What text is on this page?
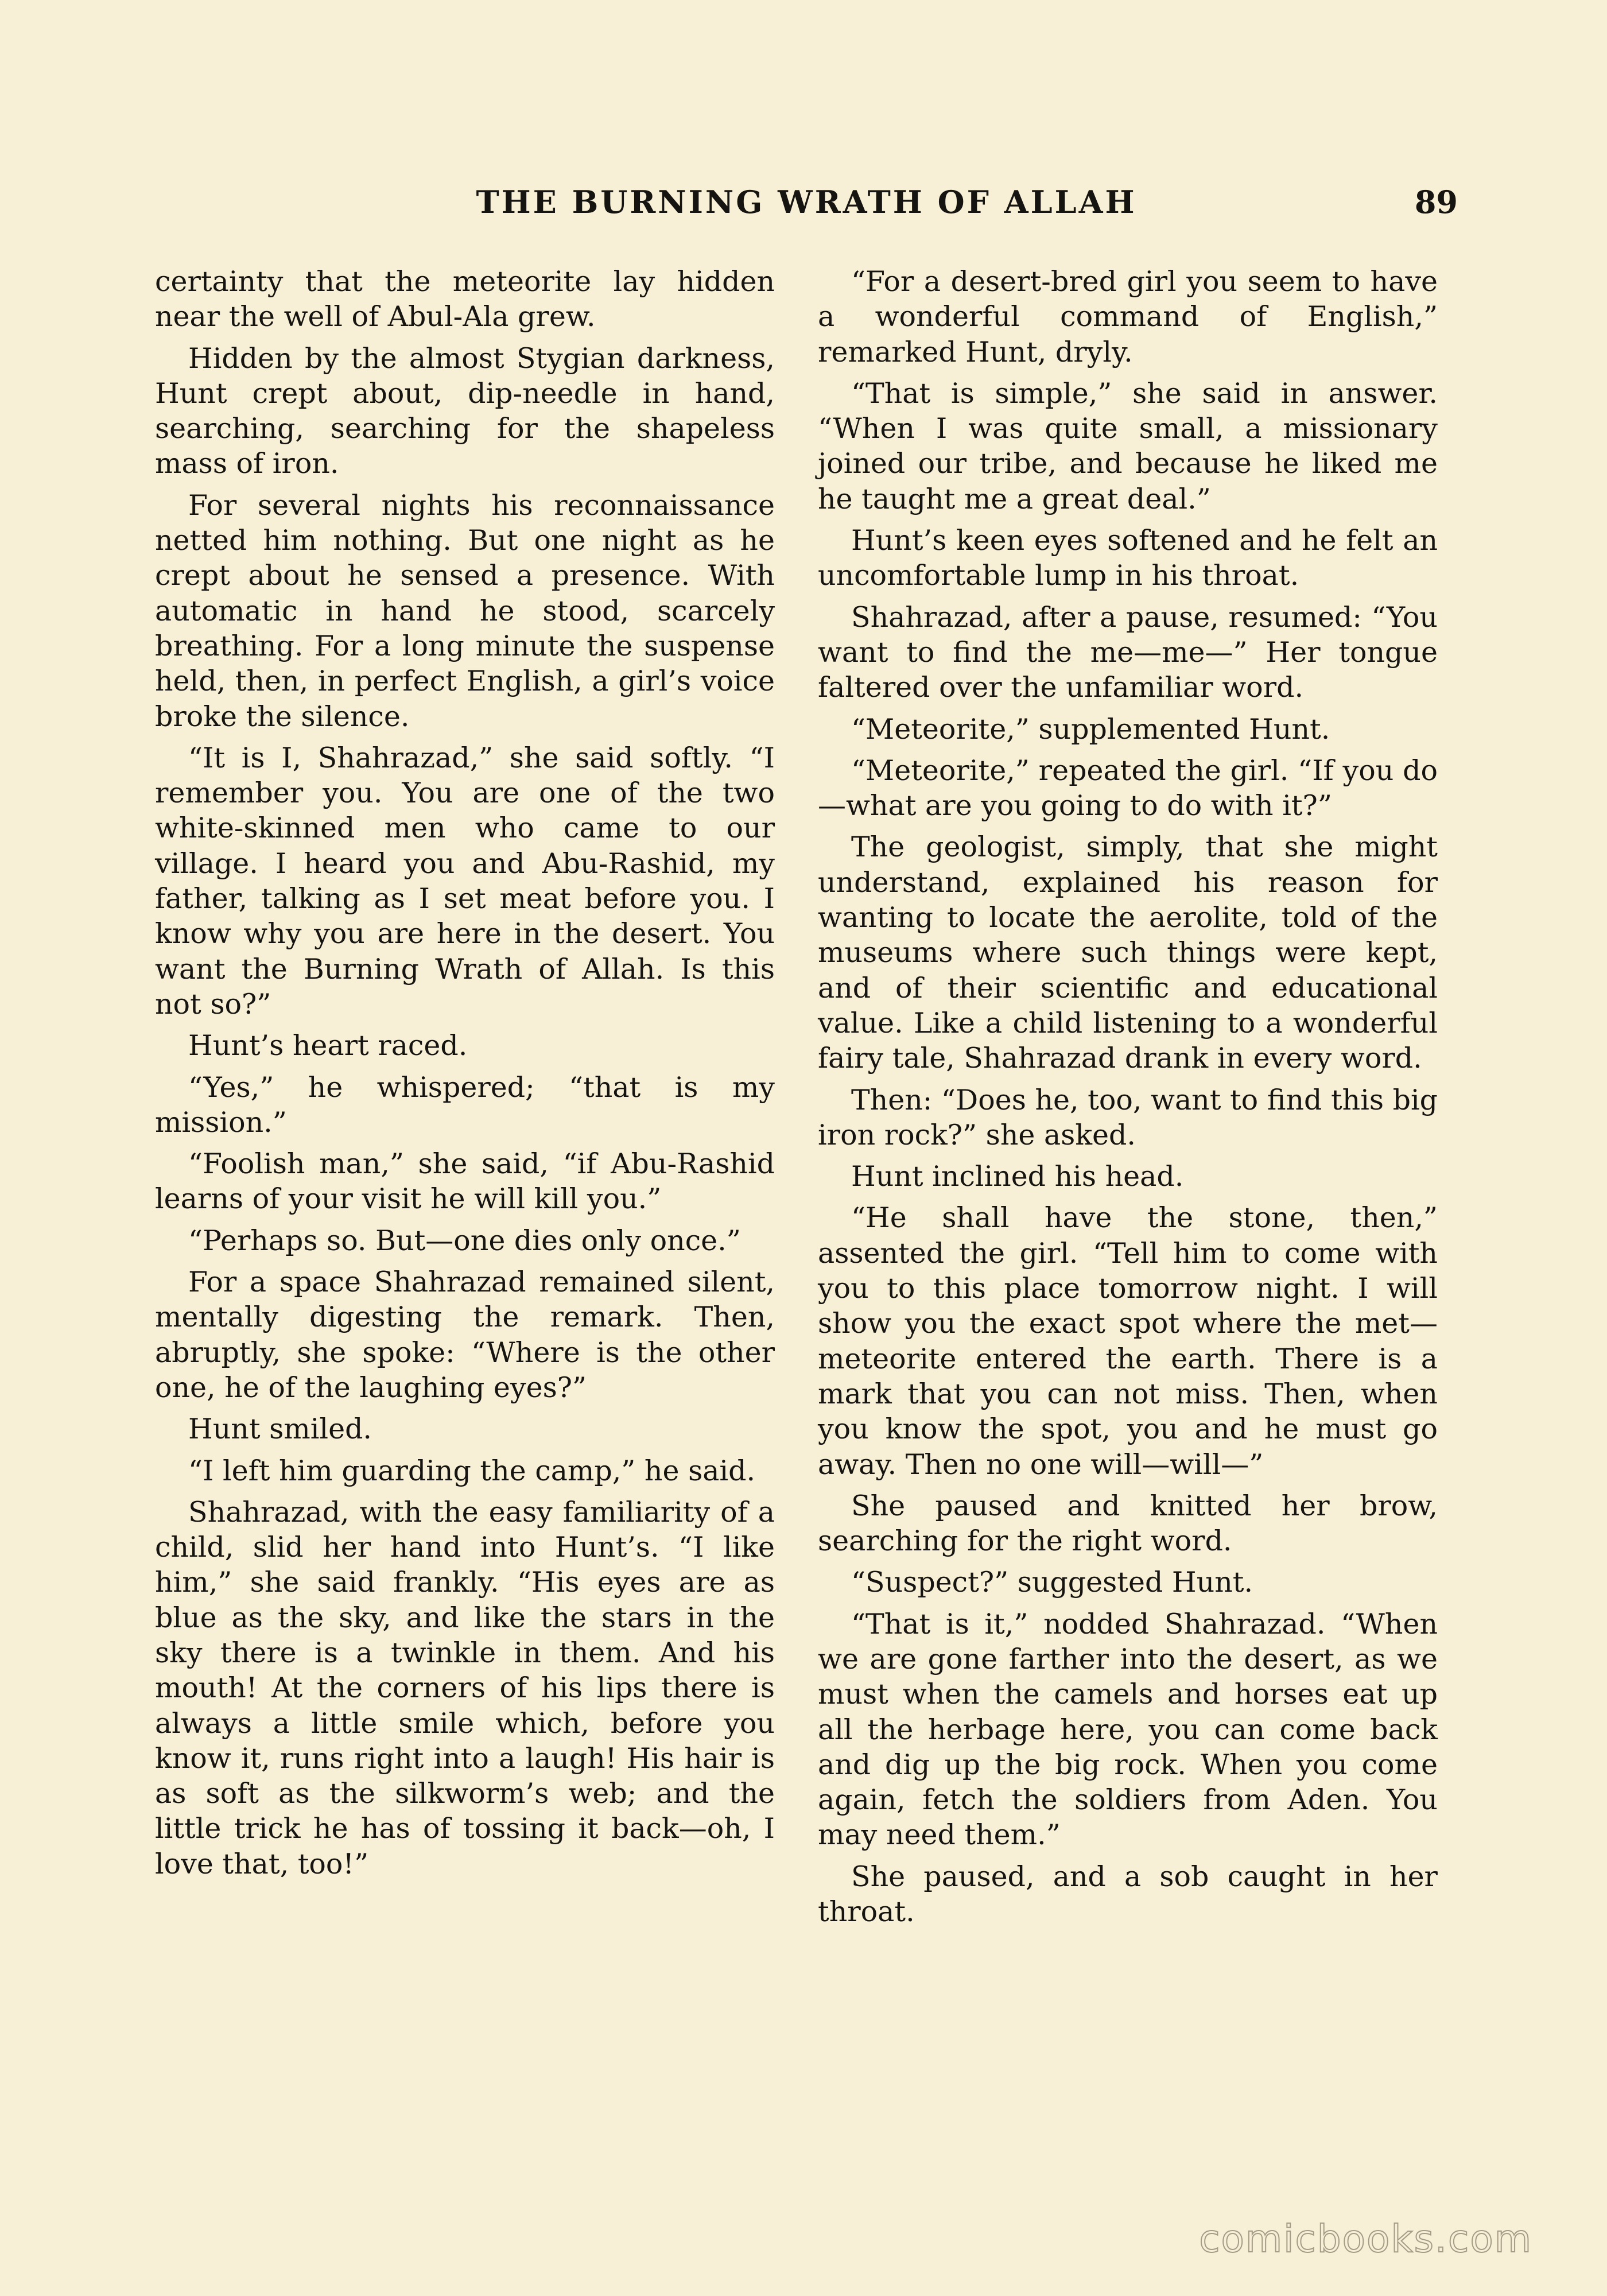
THE BURNING WRATH OF ALLAH	89

certainty that the meteorite lay hidden near the well of Abul-Ala grew.

Hidden by the almost Stygian darkness, Hunt crept about, dip-needle in hand, searching, searching for the shapeless mass of iron.

For several nights his reconnaissance netted him nothing. But one night as he crept about he sensed a presence. With automatic in hand he stood, scarcely breathing. For a long minute the suspense held, then, in perfect English, a girl’s voice broke the silence.

“It is I, Shahrazad,” she said softly. “I remember you. You are one of the two white-skinned men who came to our village. I heard you and Abu-Rashid, my father, talking as I set meat before you. I know why you are here in the desert. You want the Burning Wrath of Allah. Is this not so?”

Hunt’s heart raced.

“Yes,” he whispered; “that is my mission.”

“Foolish man,” she said, “if Abu-Rashid learns of your visit he will kill you.”

“Perhaps so. But—one dies only once.”

For a space Shahrazad remained silent, mentally digesting the remark. Then, abruptly, she spoke: “Where is the other one, he of the laughing eyes?”

Hunt smiled.

“I left him guarding the camp,” he said.

Shahrazad, with the easy familiarity of a child, slid her hand into Hunt’s. “I like him,” she said frankly. “His eyes are as blue as the sky, and like the stars in the sky there is a twinkle in them. And his mouth! At the corners of his lips there is always a little smile which, before you know it, runs right into a laugh! His hair is as soft as the silkworm’s web; and the little trick he has of tossing it back—oh, I love that, too!”

“For a desert-bred girl you seem to have a wonderful command of English,” remarked Hunt, dryly.

“That is simple,” she said in answer. “When I was quite small, a missionary joined our tribe, and because he liked me he taught me a great deal.”

Hunt’s keen eyes softened and he felt an uncomfortable lump in his throat.

Shahrazad, after a pause, resumed: “You want to find the me—me—” Her tongue faltered over the unfamiliar word.

“Meteorite,” supplemented Hunt.

“Meteorite,” repeated the girl. “If you do—what are you going to do with it?”

The geologist, simply, that she might understand, explained his reason for wanting to locate the aerolite, told of the museums where such things were kept, and of their scientific and educational value. Like a child listening to a wonderful fairy tale, Shahrazad drank in every word.

Then: “Does he, too, want to find this big iron rock?” she asked.

Hunt inclined his head.

“He shall have the stone, then,” assented the girl. “Tell him to come with you to this place tomorrow night. I will show you the exact spot where the met—meteorite entered the earth. There is a mark that you can not miss. Then, when you know the spot, you and he must go away. Then no one will—will—”

She paused and knitted her brow, searching for the right word.

“Suspect?” suggested Hunt.

“That is it,” nodded Shahrazad. “When we are gone farther into the desert, as we must when the camels and horses eat up all the herbage here, you can come back and dig up the big rock. When you come again, fetch the soldiers from Aden. You may need them.”

She paused, and a sob caught in her throat.

comicbooks.com
